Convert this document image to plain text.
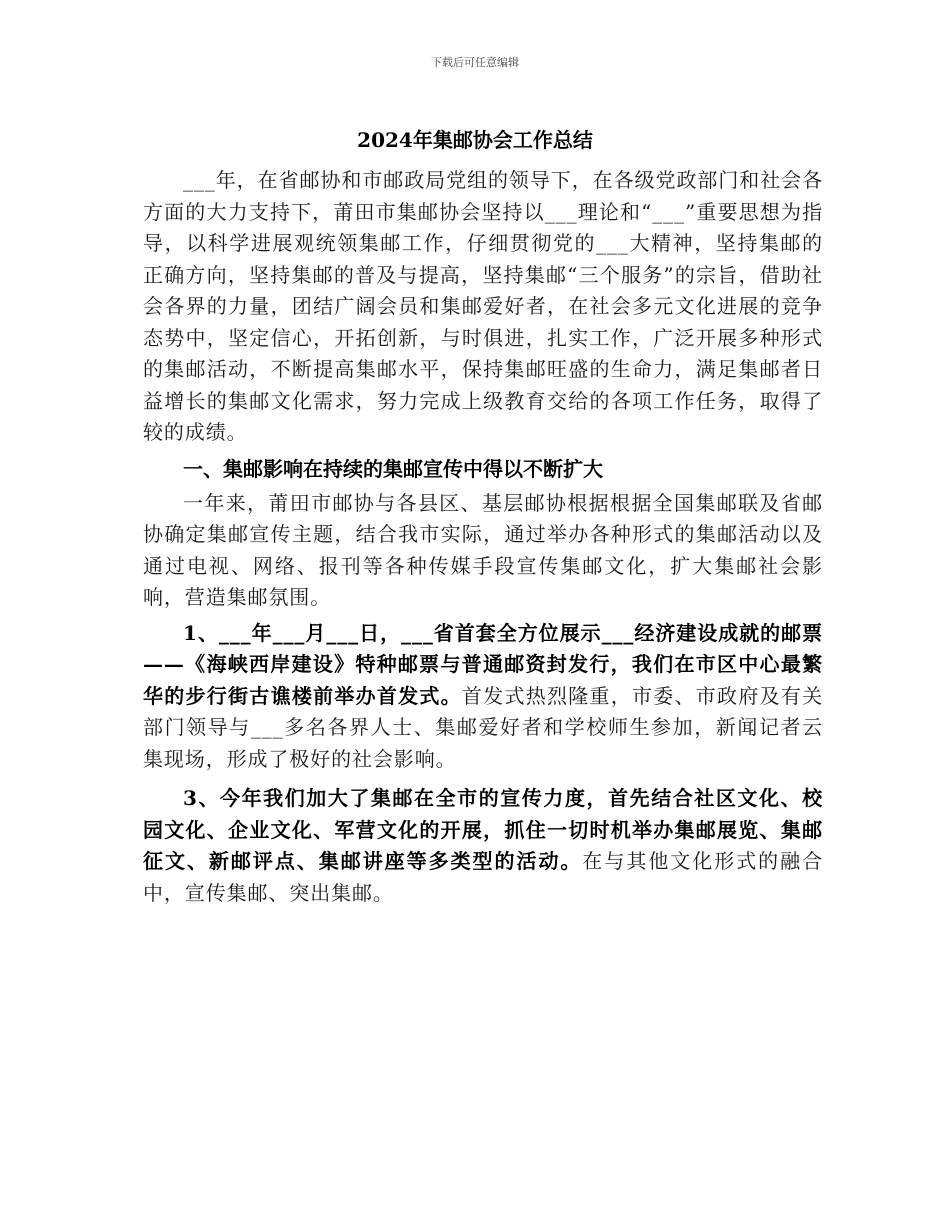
下载后可任意编辑
2024年集邮协会工作总结

___年，在省邮协和市邮政局党组的领导下，在各级党政部门和社会各方面的大力支持下，莆田市集邮协会坚持以___理论和“___”重要思想为指导，以科学进展观统领集邮工作，仔细贯彻党的___大精神，坚持集邮的正确方向，坚持集邮的普及与提高，坚持集邮“三个服务”的宗旨，借助社会各界的力量，团结广阔会员和集邮爱好者，在社会多元文化进展的竞争态势中，坚定信心，开拓创新，与时俱进，扎实工作，广泛开展多种形式的集邮活动，不断提高集邮水平，保持集邮旺盛的生命力，满足集邮者日益增长的集邮文化需求，努力完成上级教育交给的各项工作任务，取得了较的成绩。

一、集邮影响在持续的集邮宣传中得以不断扩大

一年来，莆田市邮协与各县区、基层邮协根据根据全国集邮联及省邮协确定集邮宣传主题，结合我市实际，通过举办各种形式的集邮活动以及通过电视、网络、报刊等各种传媒手段宣传集邮文化，扩大集邮社会影响，营造集邮氛围。

1、___年___月___日，___省首套全方位展示___经济建设成就的邮票——《海峡西岸建设》特种邮票与普通邮资封发行，我们在市区中心最繁华的步行街古谯楼前举办首发式。首发式热烈隆重，市委、市政府及有关部门领导与___多名各界人士、集邮爱好者和学校师生参加，新闻记者云集现场，形成了极好的社会影响。

3、今年我们加大了集邮在全市的宣传力度，首先结合社区文化、校园文化、企业文化、军营文化的开展，抓住一切时机举办集邮展览、集邮征文、新邮评点、集邮讲座等多类型的活动。在与其他文化形式的融合中，宣传集邮、突出集邮。
